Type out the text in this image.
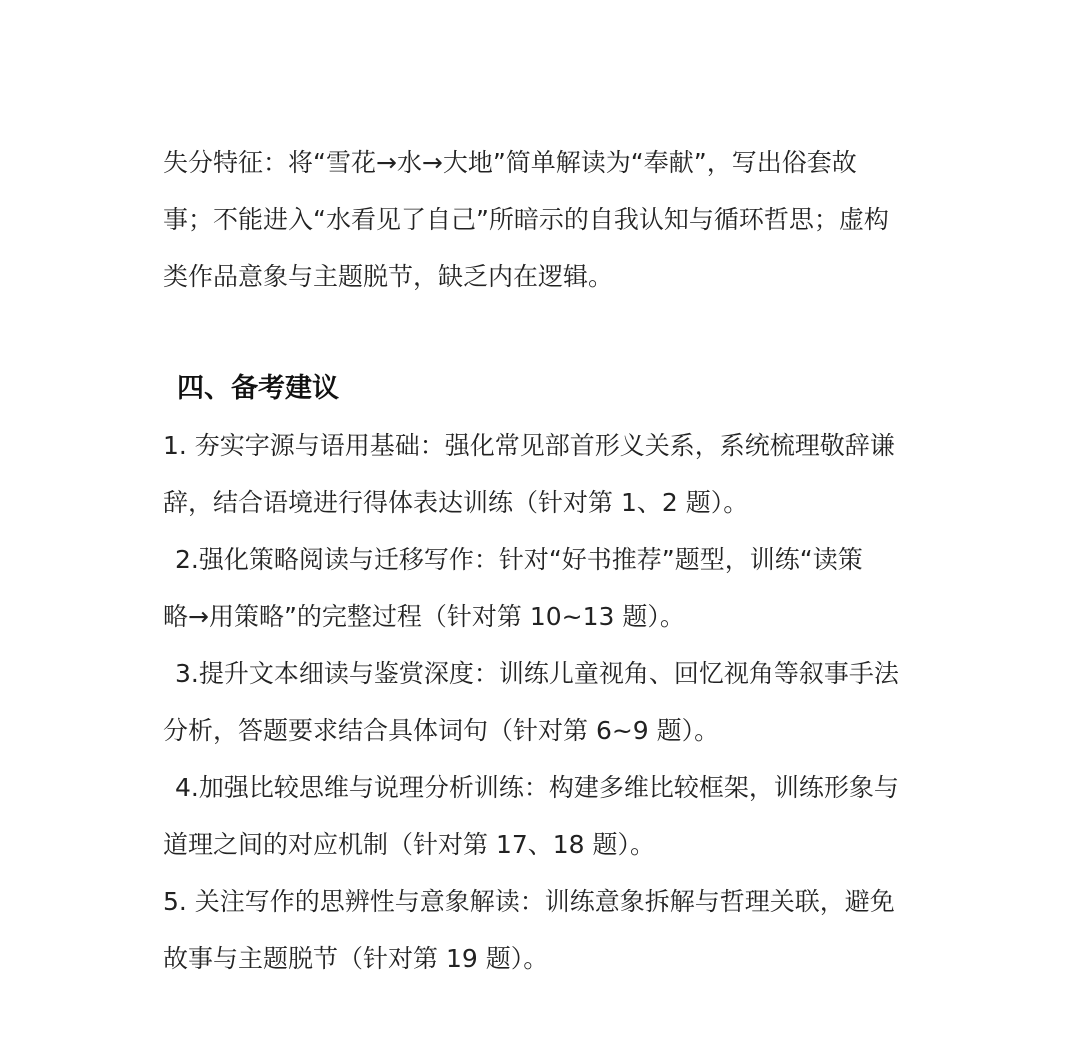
失分特征：将“雪花→水→大地”简单解读为“奉献”，写出俗套故
事；不能进入“水看见了自己”所暗示的自我认知与循环哲思；虚构
类作品意象与主题脱节，缺乏内在逻辑。

四、备考建议

1. 夯实字源与语用基础：强化常见部首形义关系，系统梳理敬辞谦
辞，结合语境进行得体表达训练（针对第 1、2 题）。

2.强化策略阅读与迁移写作：针对“好书推荐”题型，训练“读策
略→用策略”的完整过程（针对第 10~13 题）。

3.提升文本细读与鉴赏深度：训练儿童视角、回忆视角等叙事手法
分析，答题要求结合具体词句（针对第 6~9 题）。

4.加强比较思维与说理分析训练：构建多维比较框架，训练形象与
道理之间的对应机制（针对第 17、18 题）。

5. 关注写作的思辨性与意象解读：训练意象拆解与哲理关联，避免
故事与主题脱节（针对第 19 题）。
